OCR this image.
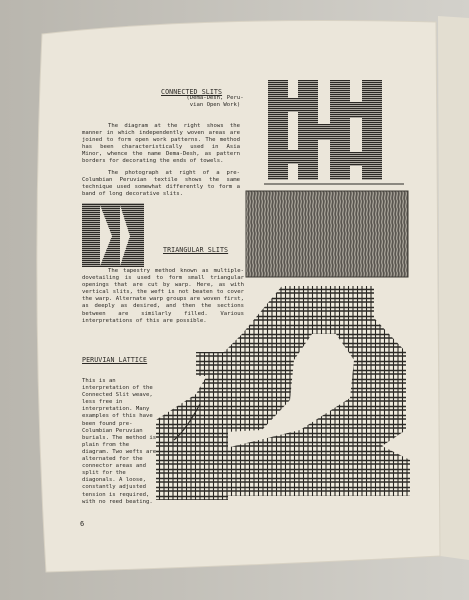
CONNECTED SLITS
(Dema-Desh, Peru-
vian Open Work)

The diagram at the right shows the manner in which independently woven areas are joined to form open work patterns. The method has been characteristically used in Asia Minor, whence the name Dema-Desh, as pattern borders for decorating the ends of towels.

The photograph at right of a pre-Columbian Peruvian textile shows the same technique used somewhat differently to form a band of long decorative slits.

TRIANGULAR SLITS

The tapestry method known as multiple-dovetailing is used to form small triangular openings that are cut by warp. Here, as with vertical slits, the weft is not beaten to cover the warp. Alternate warp groups are woven first, as deeply as desired, and then the sections between are similarly filled. Various interpretations of this are possible.

PERUVIAN LATTICE

This is an interpretation of the Connected Slit weave, less free in interpretation. Many examples of this have been found pre-Columbian Peruvian burials. The method is plain from the diagram. Two wefts are alternated for the connector areas and split for the diagonals. A loose, constantly adjusted tension is required, with no reed beating.

6
